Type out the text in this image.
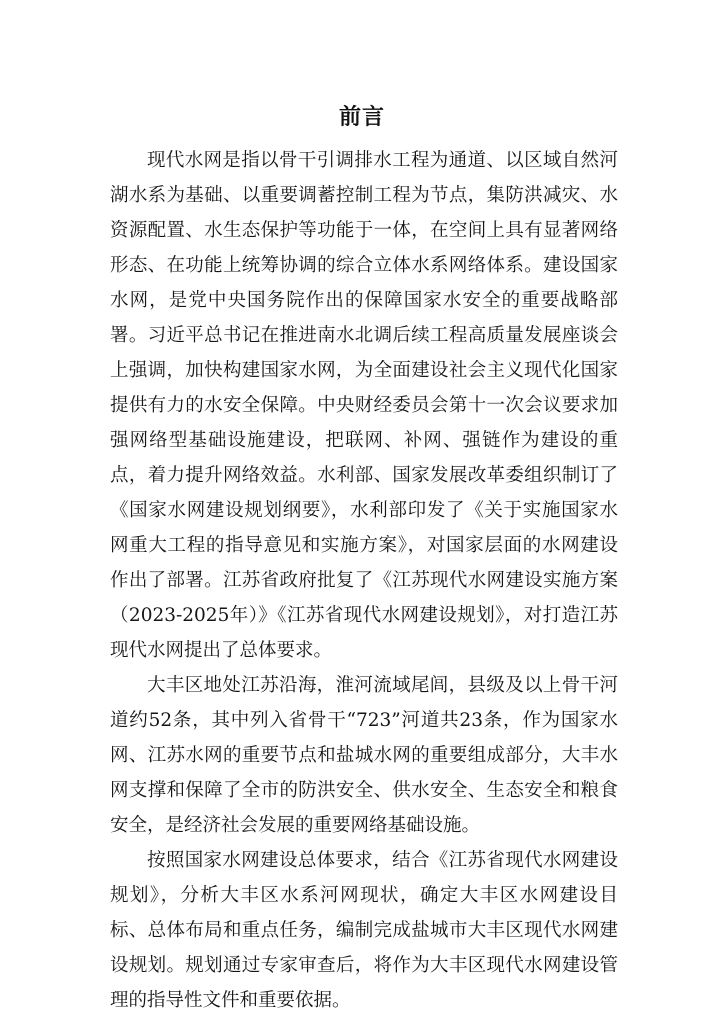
前言

现代水网是指以骨干引调排水工程为通道、以区域自然河湖水系为基础、以重要调蓄控制工程为节点，集防洪减灾、水资源配置、水生态保护等功能于一体，在空间上具有显著网络形态、在功能上统筹协调的综合立体水系网络体系。建设国家水网，是党中央国务院作出的保障国家水安全的重要战略部署。习近平总书记在推进南水北调后续工程高质量发展座谈会上强调，加快构建国家水网，为全面建设社会主义现代化国家提供有力的水安全保障。中央财经委员会第十一次会议要求加强网络型基础设施建设，把联网、补网、强链作为建设的重点，着力提升网络效益。水利部、国家发展改革委组织制订了《国家水网建设规划纲要》，水利部印发了《关于实施国家水网重大工程的指导意见和实施方案》，对国家层面的水网建设作出了部署。江苏省政府批复了《江苏现代水网建设实施方案（2023-2025年）》《江苏省现代水网建设规划》，对打造江苏现代水网提出了总体要求。

大丰区地处江苏沿海，淮河流域尾闾，县级及以上骨干河道约52条，其中列入省骨干“723”河道共23条，作为国家水网、江苏水网的重要节点和盐城水网的重要组成部分，大丰水网支撑和保障了全市的防洪安全、供水安全、生态安全和粮食安全，是经济社会发展的重要网络基础设施。

按照国家水网建设总体要求，结合《江苏省现代水网建设规划》，分析大丰区水系河网现状，确定大丰区水网建设目标、总体布局和重点任务，编制完成盐城市大丰区现代水网建设规划。规划通过专家审查后，将作为大丰区现代水网建设管理的指导性文件和重要依据。
